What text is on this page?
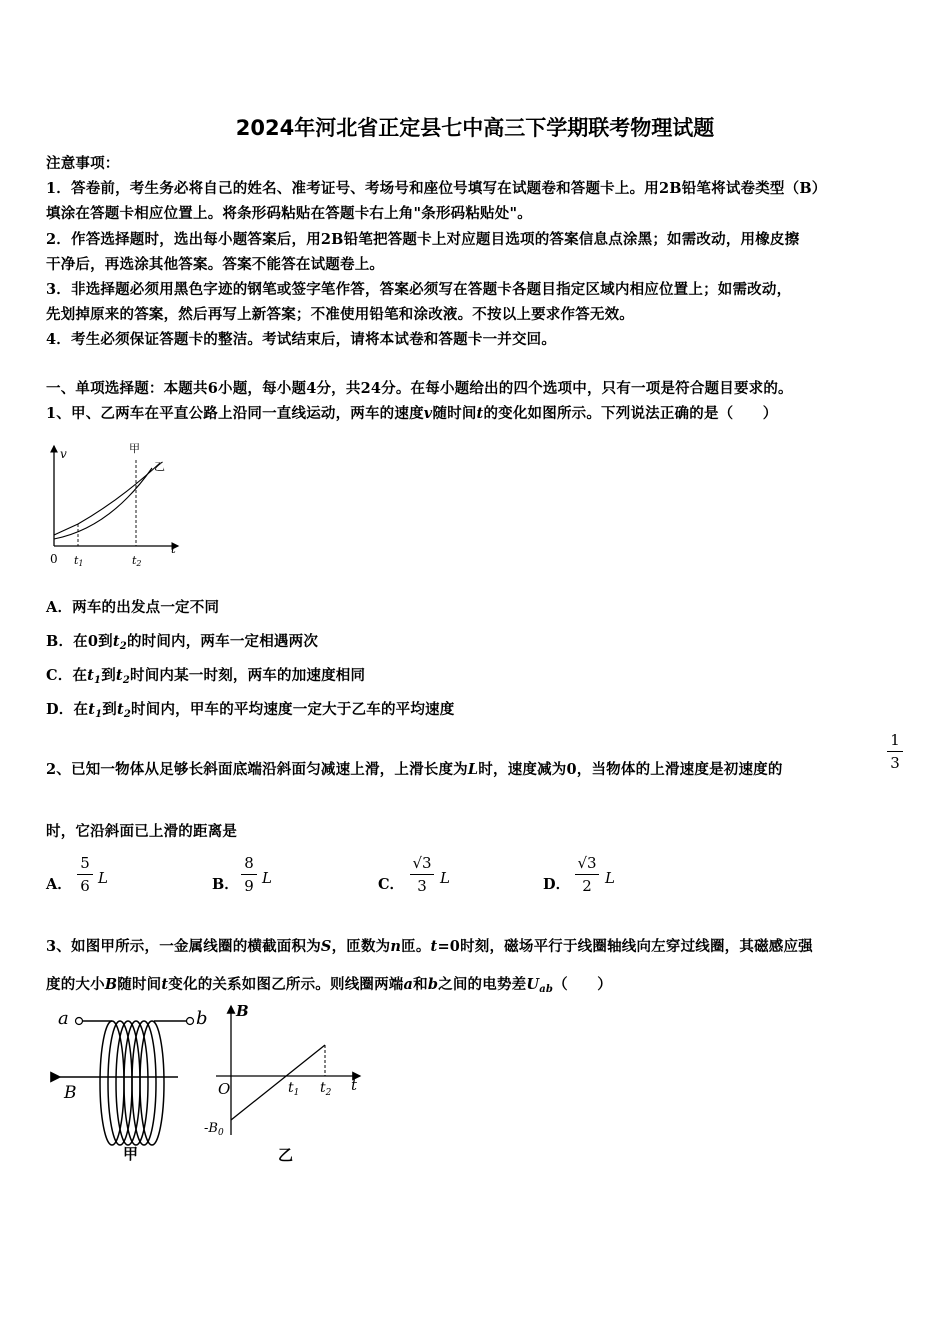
2024年河北省正定县七中高三下学期联考物理试题
注意事项：
1．答卷前，考生务必将自己的姓名、准考证号、考场号和座位号填写在试题卷和答题卡上。用2B铅笔将试卷类型（B）
填涂在答题卡相应位置上。将条形码粘贴在答题卡右上角"条形码粘贴处"。
2．作答选择题时，选出每小题答案后，用2B铅笔把答题卡上对应题目选项的答案信息点涂黑；如需改动，用橡皮擦
干净后，再选涂其他答案。答案不能答在试题卷上。
3．非选择题必须用黑色字迹的钢笔或签字笔作答，答案必须写在答题卡各题目指定区域内相应位置上；如需改动，
先划掉原来的答案，然后再写上新答案；不准使用铅笔和涂改液。不按以上要求作答无效。
4．考生必须保证答题卡的整洁。考试结束后，请将本试卷和答题卡一并交回。
一、单项选择题：本题共6小题，每小题4分，共24分。在每小题给出的四个选项中，只有一项是符合题目要求的。
1、甲、乙两车在平直公路上沿同一直线运动，两车的速度v随时间t的变化如图所示。下列说法正确的是（　　）
v
t
0 t1	t2
甲
乙
A．两车的出发点一定不同
B．在0到$t_2$的时间内，两车一定相遇两次
C．在$t_1$到$t_2$时间内某一时刻，两车的加速度相同
D．在$t_1$到$t_2$时间内，甲车的平均速度一定大于乙车的平均速度
2、已知一物体从足够长斜面底端沿斜面匀减速上滑，上滑长度为L时，速度减为0，当物体的上滑速度是初速度的
1
3
时，它沿斜面已上滑的距离是
A．
5
6 L	B．
8
9 L	C．
√3
3 L	D．
√3
2 L
3、如图甲所示，一金属线圈的横截面积为S，匝数为n匝。t=0时刻，磁场平行于线圈轴线向左穿过线圈，其磁感应强
度的大小B随时间t变化的关系如图乙所示。则线圈两端a和b之间的电势差$U_{ab}$（　　）
a	b
B
甲
B
O	t
$t_1$ $t_2$
$-B_0$
乙
